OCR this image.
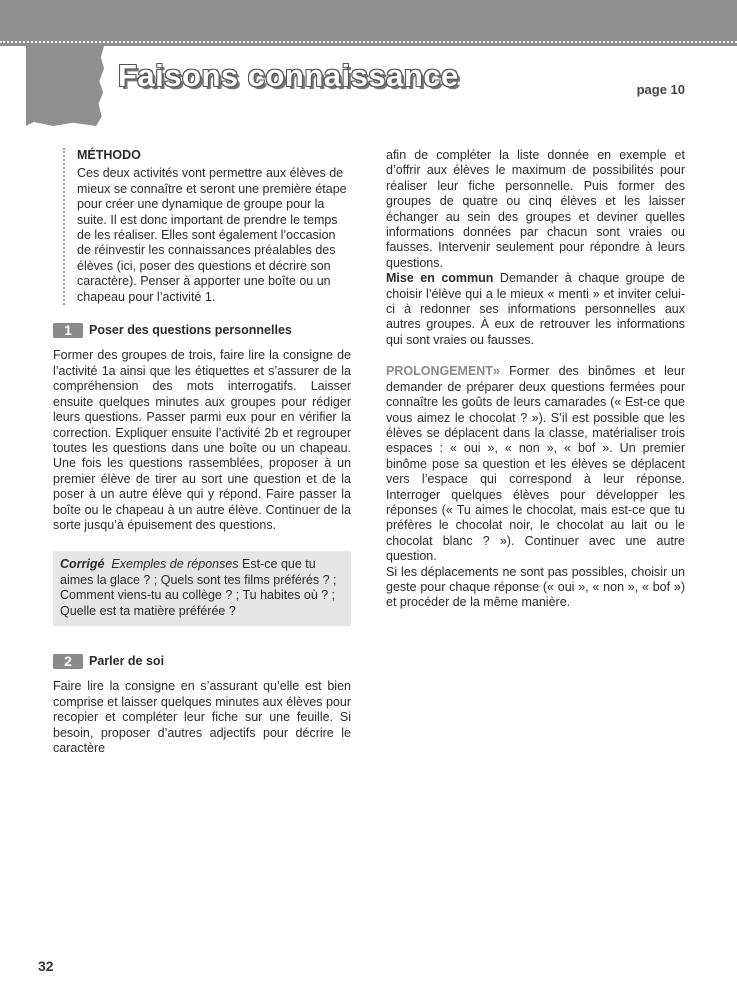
Faisons connaissance	page 10
MÉTHODO

Ces deux activités vont permettre aux élèves de mieux se connaître et seront une première étape pour créer une dynamique de groupe pour la suite. Il est donc important de prendre le temps de les réaliser. Elles sont également l’occasion de réinvestir les connaissances préalables des élèves (ici, poser des questions et décrire son caractère). Penser à apporter une boîte ou un chapeau pour l’activité 1.

1	Poser des questions personnelles

Former des groupes de trois, faire lire la consigne de l’activité 1a ainsi que les étiquettes et s’assurer de la compréhension des mots interrogatifs. Laisser ensuite quelques minutes aux groupes pour rédiger leurs questions. Passer parmi eux pour en vérifier la correction. Expliquer ensuite l’activité 2b et regrouper toutes les questions dans une boîte ou un chapeau. Une fois les questions rassemblées, proposer à un premier élève de tirer au sort une question et de la poser à un autre élève qui y répond. Faire passer la boîte ou le chapeau à un autre élève. Continuer de la sorte jusqu’à épuisement des questions.

Corrigé Exemples de réponses Est-ce que tu aimes la glace ? ; Quels sont tes films préférés ? ; Comment viens-tu au collège ? ; Tu habites où ? ; Quelle est ta matière préférée ?

2	Parler de soi

Faire lire la consigne en s’assurant qu’elle est bien comprise et laisser quelques minutes aux élèves pour recopier et compléter leur fiche sur une feuille. Si besoin, proposer d’autres adjectifs pour décrire le caractère

afin de compléter la liste donnée en exemple et d’offrir aux élèves le maximum de possibilités pour réaliser leur fiche personnelle. Puis former des groupes de quatre ou cinq élèves et les laisser échanger au sein des groupes et deviner quelles informations données par chacun sont vraies ou fausses. Intervenir seulement pour répondre à leurs questions.

Mise en commun Demander à chaque groupe de choisir l’élève qui a le mieux « menti » et inviter celui-ci à redonner ses informations personnelles aux autres groupes. À eux de retrouver les informations qui sont vraies ou fausses.

PROLONGEMENT» Former des binômes et leur demander de préparer deux questions fermées pour connaître les goûts de leurs camarades (« Est-ce que vous aimez le chocolat ? »). S’il est possible que les élèves se déplacent dans la classe, matérialiser trois espaces : « oui », « non », « bof ». Un premier binôme pose sa question et les élèves se déplacent vers l’espace qui correspond à leur réponse. Interroger quelques élèves pour développer les réponses (« Tu aimes le chocolat, mais est-ce que tu préfères le chocolat noir, le chocolat au lait ou le chocolat blanc ? »). Continuer avec une autre question.

Si les déplacements ne sont pas possibles, choisir un geste pour chaque réponse (« oui », « non », « bof ») et procéder de la même manière.

32
